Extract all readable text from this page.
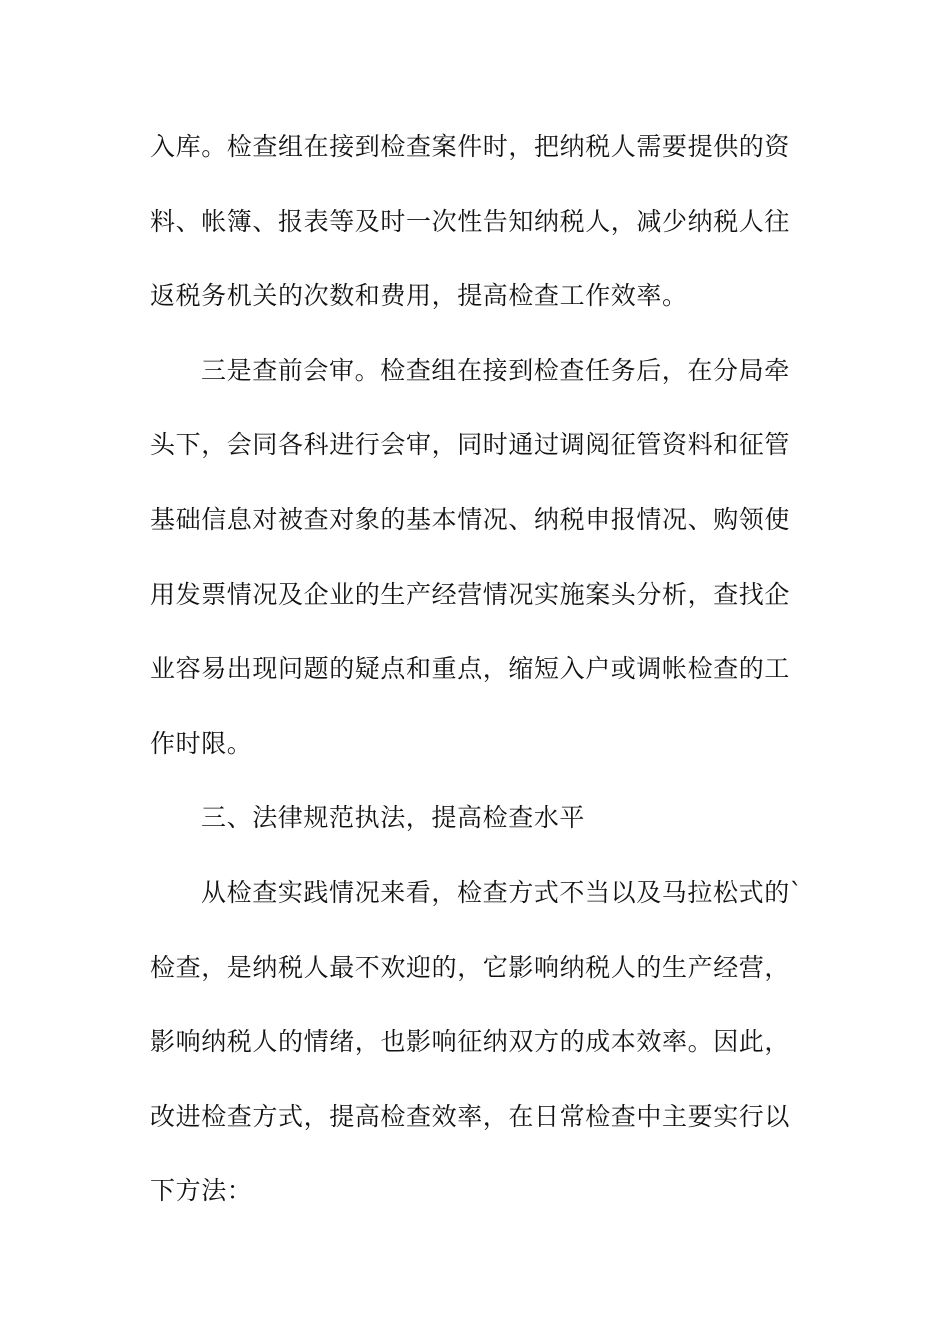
入库。检查组在接到检查案件时，把纳税人需要提供的资
料、帐簿、报表等及时一次性告知纳税人，减少纳税人往
返税务机关的次数和费用，提高检查工作效率。
三是查前会审。检查组在接到检查任务后，在分局牵
头下，会同各科进行会审，同时通过调阅征管资料和征管
基础信息对被查对象的基本情况、纳税申报情况、购领使
用发票情况及企业的生产经营情况实施案头分析，查找企
业容易出现问题的疑点和重点，缩短入户或调帐检查的工
作时限。
三、法律规范执法，提高检查水平
从检查实践情况来看，检查方式不当以及马拉松式的`
检查，是纳税人最不欢迎的，它影响纳税人的生产经营，
影响纳税人的情绪，也影响征纳双方的成本效率。因此，
改进检查方式，提高检查效率，在日常检查中主要实行以
下方法：
